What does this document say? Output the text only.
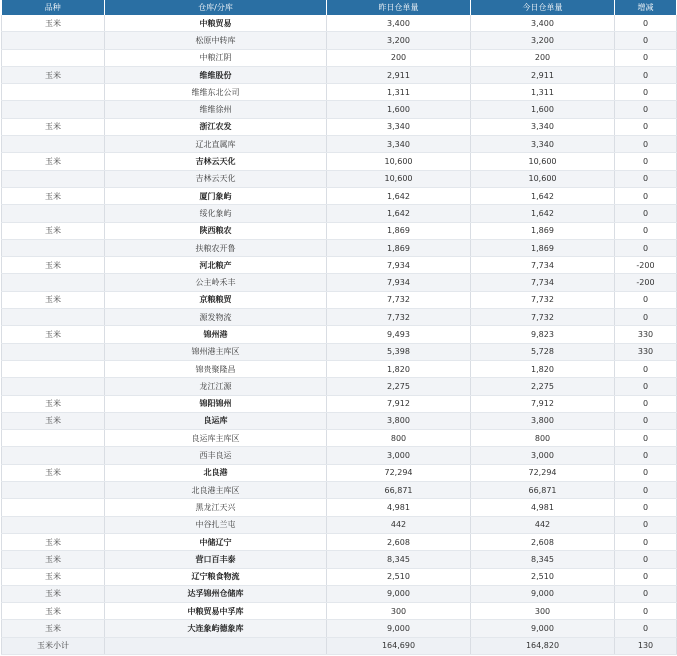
品种	仓库/分库	昨日仓单量	今日仓单量	增减
玉米	中粮贸易	3,400	3,400	0
	松原中转库	3,200	3,200	0
	中粮江阴	200	200	0
玉米	维维股份	2,911	2,911	0
	维维东北公司	1,311	1,311	0
	维维徐州	1,600	1,600	0
玉米	浙江农发	3,340	3,340	0
	辽北直属库	3,340	3,340	0
玉米	吉林云天化	10,600	10,600	0
	吉林云天化	10,600	10,600	0
玉米	厦门象屿	1,642	1,642	0
	绥化象屿	1,642	1,642	0
玉米	陕西粮农	1,869	1,869	0
	扶粮农开鲁	1,869	1,869	0
玉米	河北粮产	7,934	7,734	-200
	公主岭禾丰	7,934	7,734	-200
玉米	京粮粮贸	7,732	7,732	0
	源发物流	7,732	7,732	0
玉米	锦州港	9,493	9,823	330
	锦州港主库区	5,398	5,728	330
	锦贵聚隆昌	1,820	1,820	0
	龙江江源	2,275	2,275	0
玉米	锦阳锦州	7,912	7,912	0
玉米	良运库	3,800	3,800	0
	良运库主库区	800	800	0
	西丰良运	3,000	3,000	0
玉米	北良港	72,294	72,294	0
	北良港主库区	66,871	66,871	0
	黑龙江天兴	4,981	4,981	0
	中谷扎兰屯	442	442	0
玉米	中储辽宁	2,608	2,608	0
玉米	营口百丰泰	8,345	8,345	0
玉米	辽宁粮食物流	2,510	2,510	0
玉米	达孚锦州仓储库	9,000	9,000	0
玉米	中粮贸易中孚库	300	300	0
玉米	大连象屿德象库	9,000	9,000	0
玉米小计		164,690	164,820	130
